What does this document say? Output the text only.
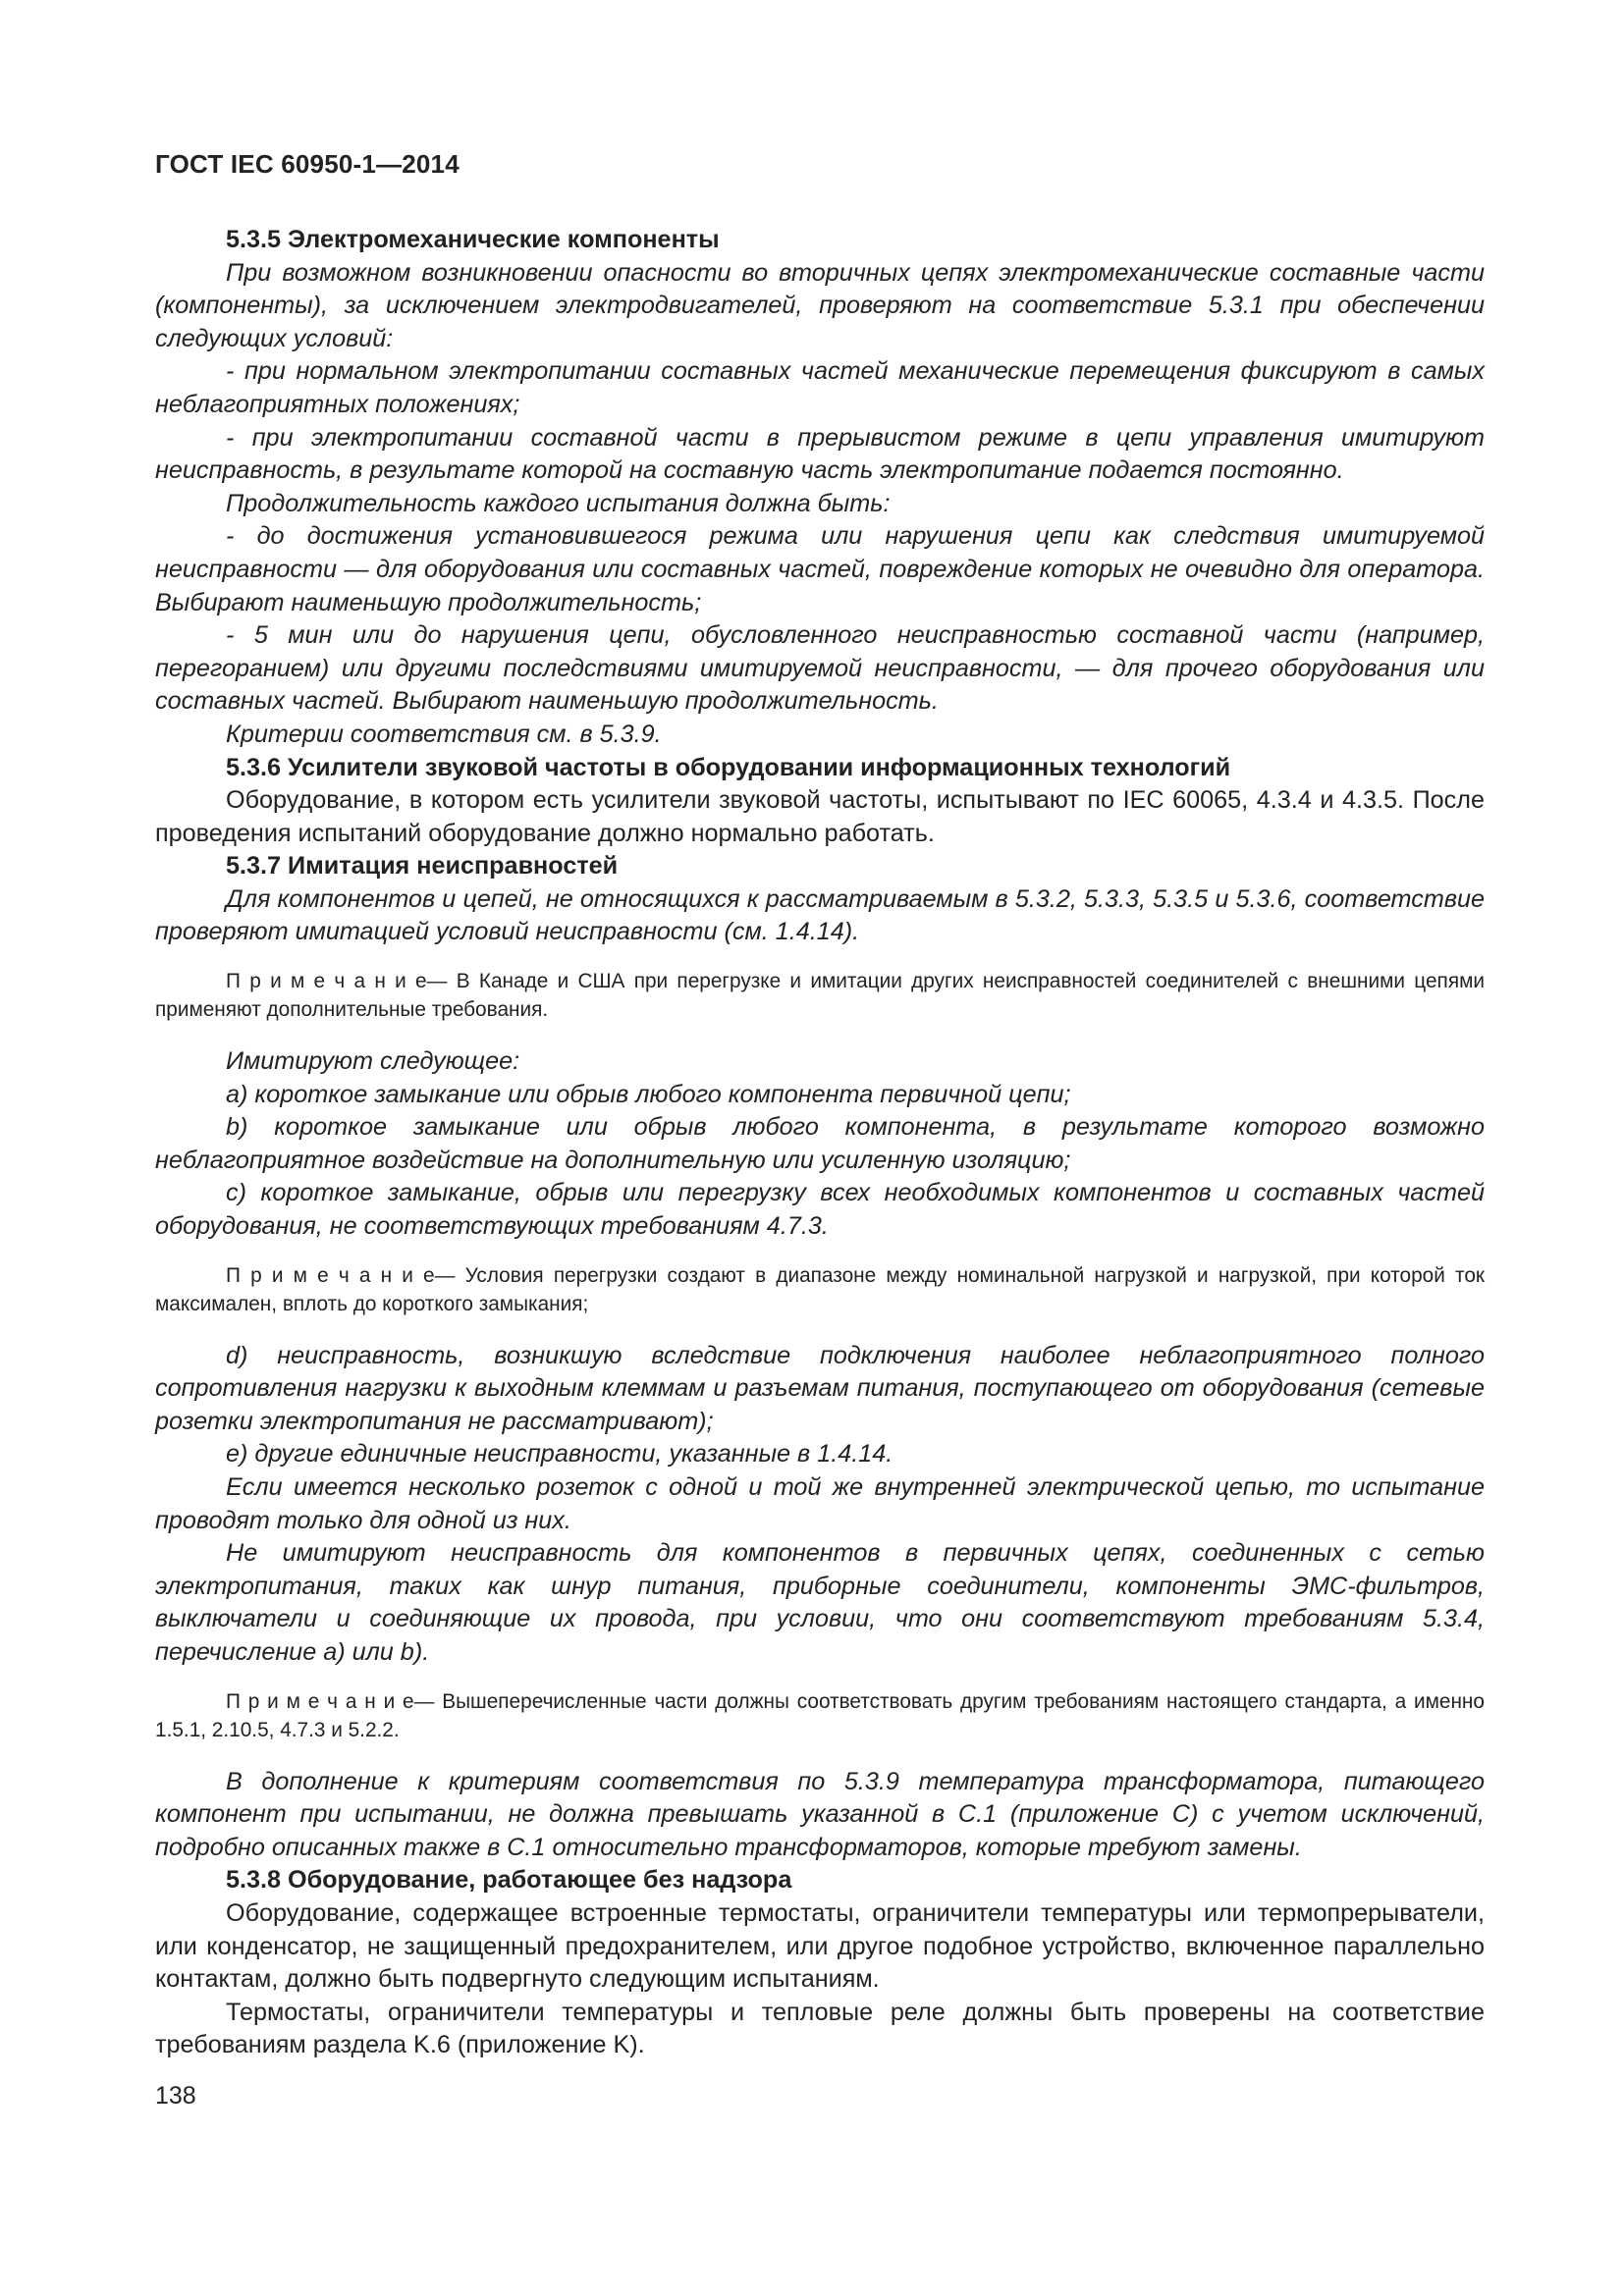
ГОСТ IEC 60950-1—2014

5.3.5 Электромеханические компоненты

При возможном возникновении опасности во вторичных цепях электромеханические составные части (компоненты), за исключением электродвигателей, проверяют на соответствие 5.3.1 при обеспечении следующих условий:

- при нормальном электропитании составных частей механические перемещения фиксируют в самых неблагоприятных положениях;

- при электропитании составной части в прерывистом режиме в цепи управления имитируют неисправность, в результате которой на составную часть электропитание подается постоянно.

Продолжительность каждого испытания должна быть:

- до достижения установившегося режима или нарушения цепи как следствия имитируемой неисправности — для оборудования или составных частей, повреждение которых не очевидно для оператора. Выбирают наименьшую продолжительность;

- 5 мин или до нарушения цепи, обусловленного неисправностью составной части (например, перегоранием) или другими последствиями имитируемой неисправности, — для прочего оборудования или составных частей. Выбирают наименьшую продолжительность.

Критерии соответствия см. в 5.3.9.

5.3.6 Усилители звуковой частоты в оборудовании информационных технологий

Оборудование, в котором есть усилители звуковой частоты, испытывают по IEC 60065, 4.3.4 и 4.3.5. После проведения испытаний оборудование должно нормально работать.

5.3.7 Имитация неисправностей

Для компонентов и цепей, не относящихся к рассматриваемым в 5.3.2, 5.3.3, 5.3.5 и 5.3.6, соответствие проверяют имитацией условий неисправности (см. 1.4.14).

П р и м е ч а н и е— В Канаде и США при перегрузке и имитации других неисправностей соединителей с внешними цепями применяют дополнительные требования.

Имитируют следующее:

a) короткое замыкание или обрыв любого компонента первичной цепи;

b) короткое замыкание или обрыв любого компонента, в результате которого возможно неблагоприятное воздействие на дополнительную или усиленную изоляцию;

c) короткое замыкание, обрыв или перегрузку всех необходимых компонентов и составных частей оборудования, не соответствующих требованиям 4.7.3.

П р и м е ч а н и е— Условия перегрузки создают в диапазоне между номинальной нагрузкой и нагрузкой, при которой ток максимален, вплоть до короткого замыкания;

d) неисправность, возникшую вследствие подключения наиболее неблагоприятного полного сопротивления нагрузки к выходным клеммам и разъемам питания, поступающего от оборудования (сетевые розетки электропитания не рассматривают);

e) другие единичные неисправности, указанные в 1.4.14.

Если имеется несколько розеток с одной и той же внутренней электрической цепью, то испытание проводят только для одной из них.

Не имитируют неисправность для компонентов в первичных цепях, соединенных с сетью электропитания, таких как шнур питания, приборные соединители, компоненты ЭМС-фильтров, выключатели и соединяющие их провода, при условии, что они соответствуют требованиям 5.3.4, перечисление a) или b).

П р и м е ч а н и е— Вышеперечисленные части должны соответствовать другим требованиям настоящего стандарта, а именно 1.5.1, 2.10.5, 4.7.3 и 5.2.2.

В дополнение к критериям соответствия по 5.3.9 температура трансформатора, питающего компонент при испытании, не должна превышать указанной в C.1 (приложение C) с учетом исключений, подробно описанных также в C.1 относительно трансформаторов, которые требуют замены.

5.3.8 Оборудование, работающее без надзора

Оборудование, содержащее встроенные термостаты, ограничители температуры или термопрерыватели, или конденсатор, не защищенный предохранителем, или другое подобное устройство, включенное параллельно контактам, должно быть подвергнуто следующим испытаниям.

Термостаты, ограничители температуры и тепловые реле должны быть проверены на соответствие требованиям раздела K.6 (приложение K).

138
